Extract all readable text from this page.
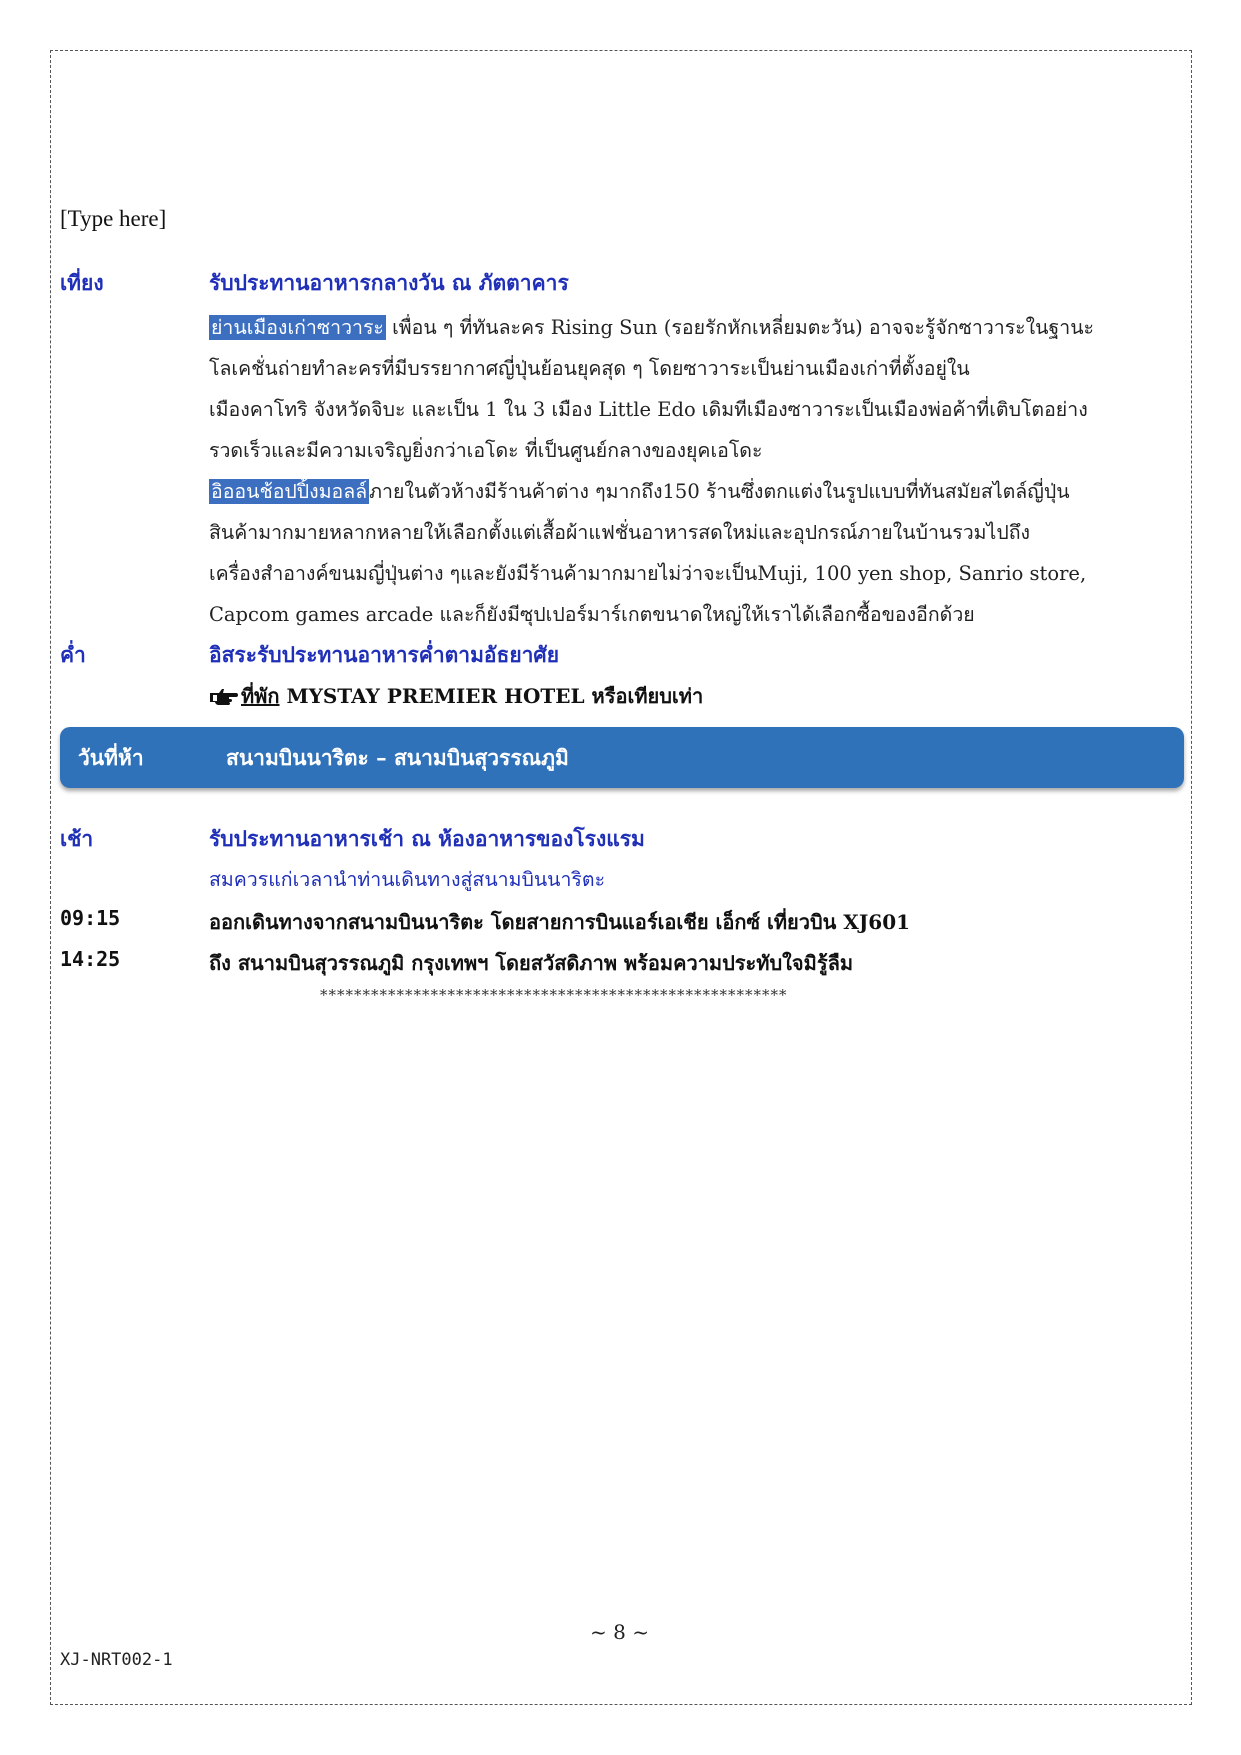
[Type here]
เที่ยง	รับประทานอาหารกลางวัน ณ ภัตตาคาร
ย่านเมืองเก่าซาวาระ เพื่อน ๆ ที่ทันละคร Rising Sun (รอยรักหักเหลี่ยมตะวัน) อาจจะรู้จักซาวาระในฐานะ
โลเคชั่นถ่ายทำละครที่มีบรรยากาศญี่ปุ่นย้อนยุคสุด ๆ โดยซาวาระเป็นย่านเมืองเก่าที่ตั้งอยู่ใน
เมืองคาโทริ จังหวัดจิบะ และเป็น 1 ใน 3 เมือง Little Edo เดิมทีเมืองซาวาระเป็นเมืองพ่อค้าที่เติบโตอย่าง
รวดเร็วและมีความเจริญยิ่งกว่าเอโดะ ที่เป็นศูนย์กลางของยุคเอโดะ
อิออนช้อปปิ้งมอลล์ ภายในตัวห้างมีร้านค้าต่าง ๆมากถึง150 ร้านซึ่งตกแต่งในรูปแบบที่ทันสมัยสไตล์ญี่ปุ่น
สินค้ามากมายหลากหลายให้เลือกตั้งแต่เสื้อผ้าแฟชั่นอาหารสดใหม่และอุปกรณ์ภายในบ้านรวมไปถึง
เครื่องสำอางค์ขนมญี่ปุ่นต่าง ๆและยังมีร้านค้ามากมายไม่ว่าจะเป็นMuji, 100 yen shop, Sanrio store,
Capcom games arcade และก็ยังมีซุปเปอร์มาร์เกตขนาดใหญ่ให้เราได้เลือกซื้อของอีกด้วย
ค่ำ	อิสระรับประทานอาหารค่ำตามอัธยาศัย
ที่พัก MYSTAY PREMIER HOTEL หรือเทียบเท่า
วันที่ห้า	สนามบินนาริตะ – สนามบินสุวรรณภูมิ
เช้า	รับประทานอาหารเช้า ณ ห้องอาหารของโรงแรม
สมควรแก่เวลานำท่านเดินทางสู่สนามบินนาริตะ
09:15	ออกเดินทางจากสนามบินนาริตะ โดยสายการบินแอร์เอเชีย เอ็กซ์ เที่ยวบิน XJ601
14:25	ถึง สนามบินสุวรรณภูมิ กรุงเทพฯ โดยสวัสดิภาพ พร้อมความประทับใจมิรู้ลืม
*******************************************************
~ 8 ~
XJ-NRT002-1
